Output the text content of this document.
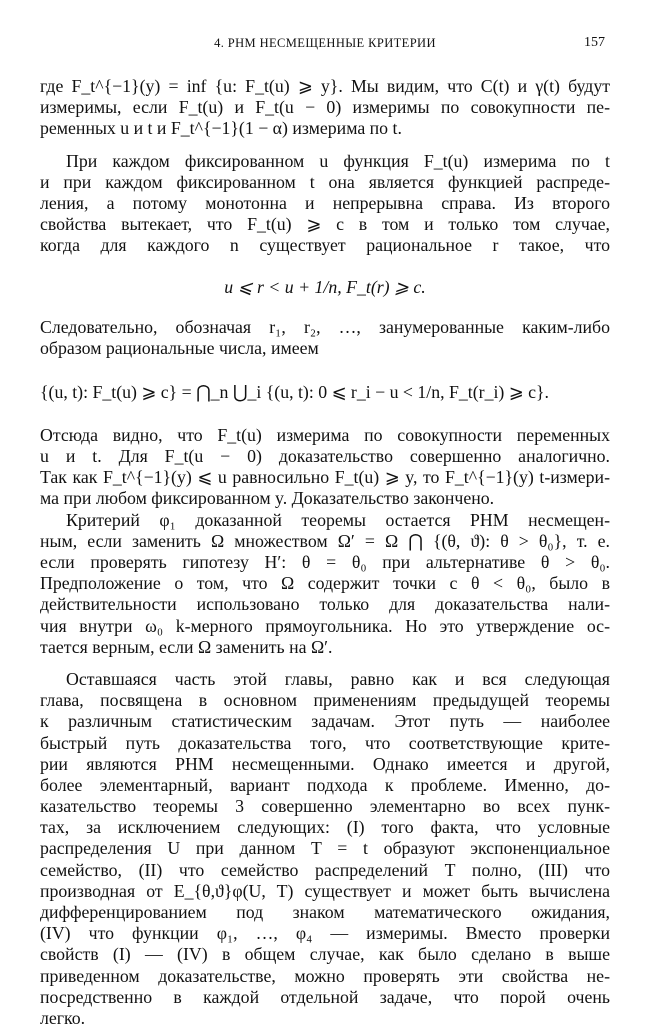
4. РНМ НЕСМЕЩЕННЫЕ КРИТЕРИИ	157
где F_t^{−1}(y) = inf {u: F_t(u) ⩾ y}. Мы видим, что C(t) и γ(t) будут
измеримы, если F_t(u) и F_t(u − 0) измеримы по совокупности пе-
ременных u и t и F_t^{−1}(1 − α) измерима по t.
При каждом фиксированном u функция F_t(u) измерима по t
и при каждом фиксированном t она является функцией распреде-
ления, а потому монотонна и непрерывна справа. Из второго
свойства вытекает, что F_t(u) ⩾ c в том и только том случае,
когда для каждого n существует рациональное r такое, что
u ⩽ r < u + 1/n, F_t(r) ⩾ c.
Следовательно, обозначая r₁, r₂, …, занумерованные каким-либо
образом рациональные числа, имеем
{(u, t): F_t(u) ⩾ c} = ⋂_n ⋃_i {(u, t): 0 ⩽ r_i − u < 1/n, F_t(r_i) ⩾ c}.
Отсюда видно, что F_t(u) измерима по совокупности переменных
u и t. Для F_t(u − 0) доказательство совершенно аналогично.
Так как F_t^{−1}(y) ⩽ u равносильно F_t(u) ⩾ y, то F_t^{−1}(y) t-измери-
ма при любом фиксированном y. Доказательство закончено.
Критерий φ₁ доказанной теоремы остается РНМ несмещен-
ным, если заменить Ω множеством Ω′ = Ω ⋂ {(θ, ϑ): θ > θ₀}, т. е.
если проверять гипотезу H′: θ = θ₀ при альтернативе θ > θ₀.
Предположение о том, что Ω содержит точки с θ < θ₀, было в
действительности использовано только для доказательства нали-
чия внутри ω₀ k-мерного прямоугольника. Но это утверждение ос-
тается верным, если Ω заменить на Ω′.
Оставшаяся часть этой главы, равно как и вся следующая
глава, посвящена в основном применениям предыдущей теоремы
к различным статистическим задачам. Этот путь — наиболее
быстрый путь доказательства того, что соответствующие крите-
рии являются РНМ несмещенными. Однако имеется и другой,
более элементарный, вариант подхода к проблеме. Именно, до-
казательство теоремы 3 совершенно элементарно во всех пунк-
тах, за исключением следующих: (I) того факта, что условные
распределения U при данном T = t образуют экспоненциальное
семейство, (II) что семейство распределений T полно, (III) что
производная от E_{θ,ϑ}φ(U, T) существует и может быть вычислена
дифференцированием под знаком математического ожидания,
(IV) что функции φ₁, …, φ₄ — измеримы. Вместо проверки
свойств (I) — (IV) в общем случае, как было сделано в выше
приведенном доказательстве, можно проверять эти свойства не-
посредственно в каждой отдельной задаче, что порой очень
легко.
